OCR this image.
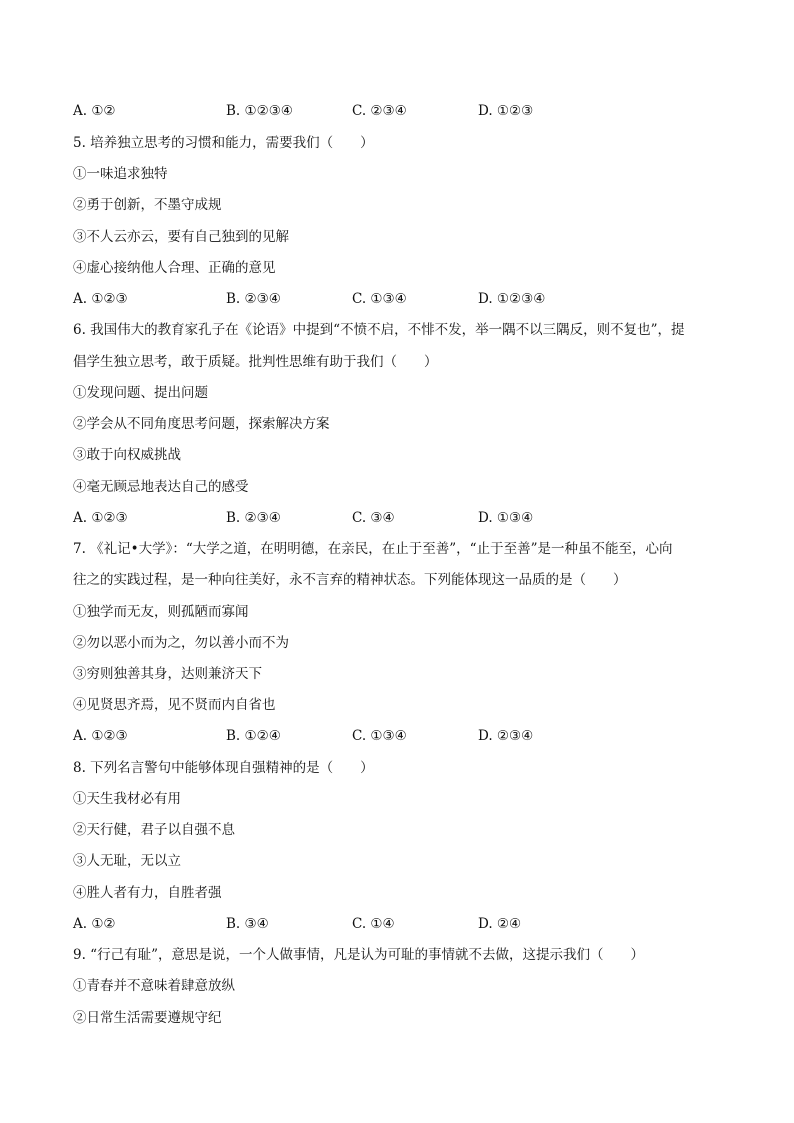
A. ①②	B. ①②③④	C. ②③④	D. ①②③
5. 培养独立思考的习惯和能力，需要我们（　　）
①一味追求独特
②勇于创新，不墨守成规
③不人云亦云，要有自己独到的见解
④虚心接纳他人合理、正确的意见
A. ①②③	B. ②③④	C. ①③④	D. ①②③④
6. 我国伟大的教育家孔子在《论语》中提到“不愤不启，不悱不发，举一隅不以三隅反，则不复也”，提
倡学生独立思考，敢于质疑。批判性思维有助于我们（　　）
①发现问题、提出问题
②学会从不同角度思考问题，探索解决方案
③敢于向权威挑战
④毫无顾忌地表达自己的感受
A. ①②③	B. ②③④	C. ③④	D. ①③④
7. 《礼记•大学》：“大学之道，在明明德，在亲民，在止于至善”，“止于至善”是一种虽不能至，心向
往之的实践过程，是一种向往美好，永不言弃的精神状态。下列能体现这一品质的是（　　）
①独学而无友，则孤陋而寡闻
②勿以恶小而为之，勿以善小而不为
③穷则独善其身，达则兼济天下
④见贤思齐焉，见不贤而内自省也
A. ①②③	B. ①②④	C. ①③④	D. ②③④
8. 下列名言警句中能够体现自强精神的是（　　）
①天生我材必有用
②天行健，君子以自强不息
③人无耻，无以立
④胜人者有力，自胜者强
A. ①②	B. ③④	C. ①④	D. ②④
9. “行己有耻”，意思是说，一个人做事情，凡是认为可耻的事情就不去做，这提示我们（　　）
①青春并不意味着肆意放纵
②日常生活需要遵规守纪
